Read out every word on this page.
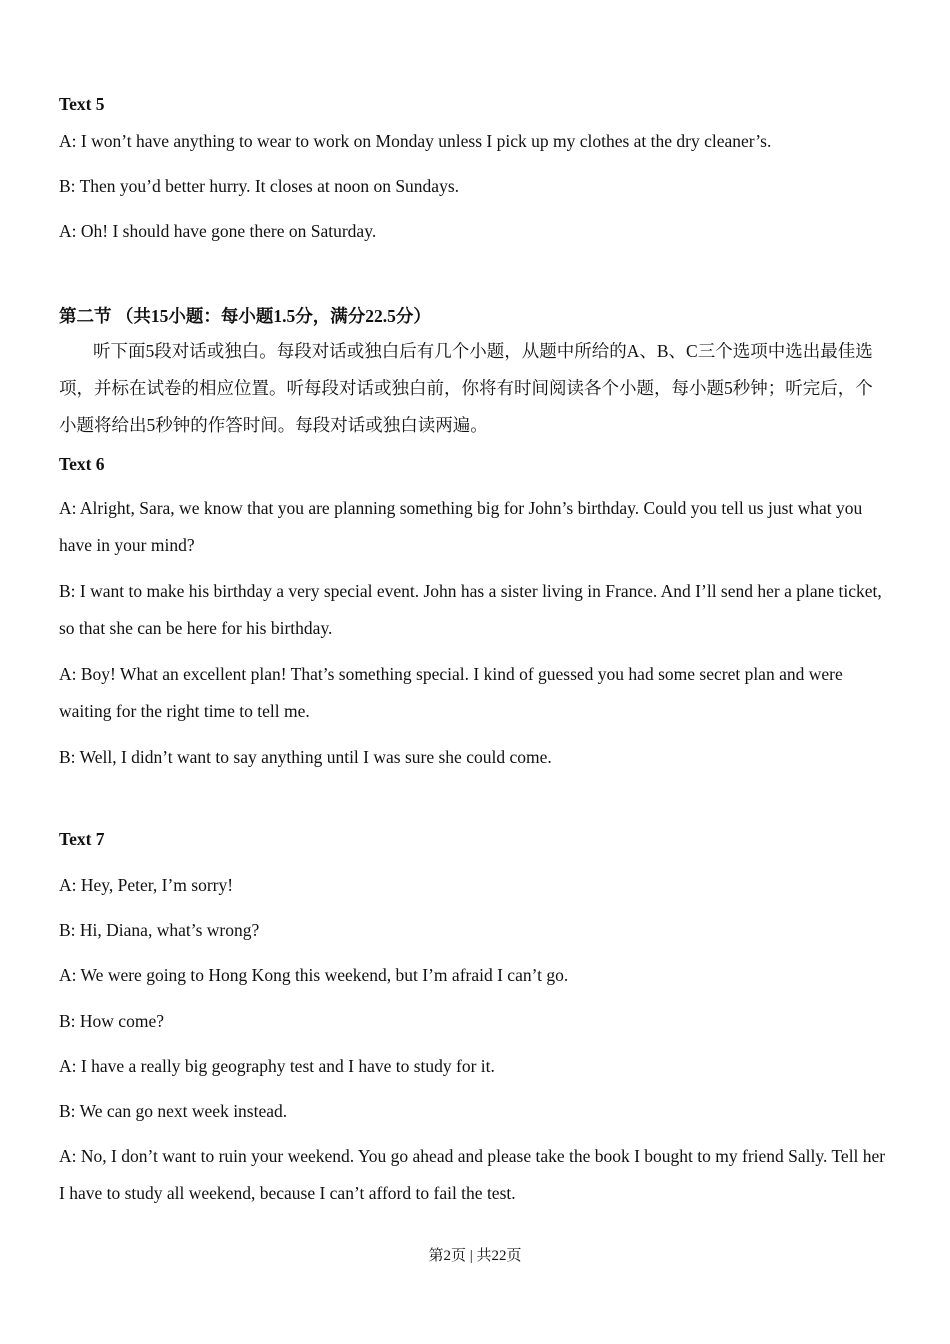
Text 5
A: I won’t have anything to wear to work on Monday unless I pick up my clothes at the dry cleaner’s.
B: Then you’d better hurry. It closes at noon on Sundays.
A: Oh! I should have gone there on Saturday.
第二节 （共15小题：每小题1.5分，满分22.5分）
听下面5段对话或独白。每段对话或独白后有几个小题，从题中所给的A、B、C三个选项中选出最佳选项，并标在试卷的相应位置。听每段对话或独白前，你将有时间阅读各个小题，每小题5秒钟；听完后，个小题将给出5秒钟的作答时间。每段对话或独白读两遍。
Text 6
A: Alright, Sara, we know that you are planning something big for John’s birthday. Could you tell us just what you have in your mind?
B: I want to make his birthday a very special event. John has a sister living in France. And I’ll send her a plane ticket, so that she can be here for his birthday.
A: Boy! What an excellent plan! That’s something special. I kind of guessed you had some secret plan and were waiting for the right time to tell me.
B: Well, I didn’t want to say anything until I was sure she could come.
Text 7
A: Hey, Peter, I’m sorry!
B: Hi, Diana, what’s wrong?
A: We were going to Hong Kong this weekend, but I’m afraid I can’t go.
B: How come?
A: I have a really big geography test and I have to study for it.
B: We can go next week instead.
A: No, I don’t want to ruin your weekend. You go ahead and please take the book I bought to my friend Sally. Tell her I have to study all weekend, because I can’t afford to fail the test.
第2页 | 共22页
